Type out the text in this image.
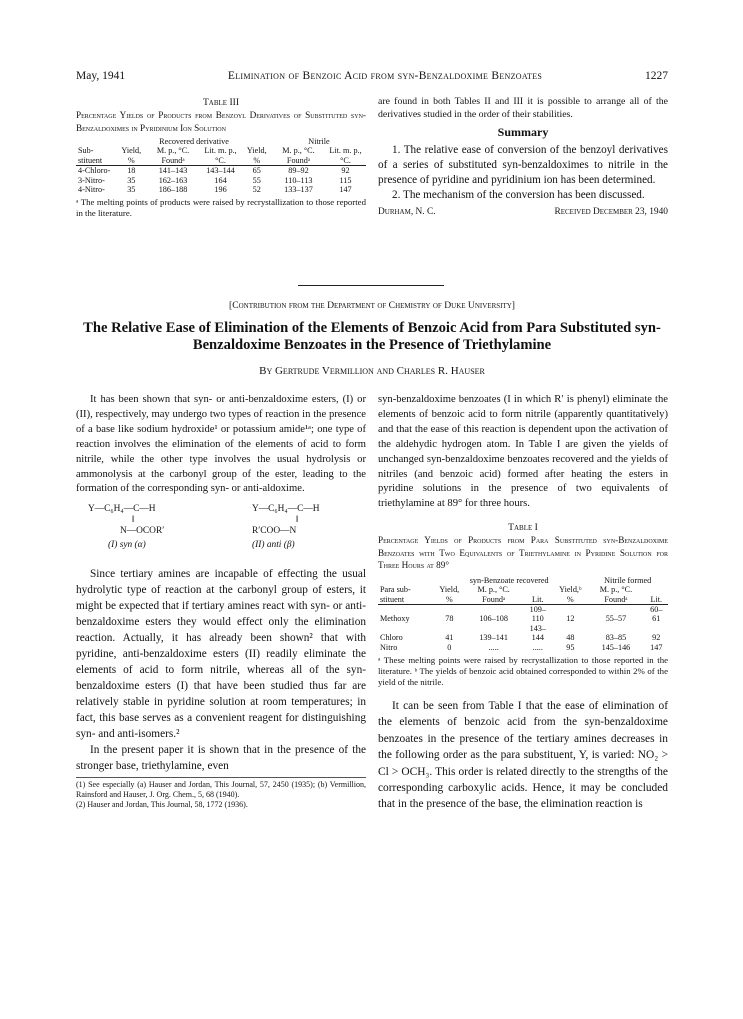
May, 1941	Elimination of Benzoic Acid from syn-Benzaldoxime Benzoates	1227
Table III
Percentage Yields of Products from Benzoyl Derivatives of Substituted syn-Benzaldoximes in Pyridinium Ion Solution
		Recovered derivative			Nitrile	
Sub-stituent	Yield, %	M. p., °C. Foundᵃ	Lit. m. p., °C.	Yield, %	M. p., °C. Foundᵃ	Lit. m. p., °C.
4-Chloro-	18	141–143	143–144	65	89–92	92
3-Nitro-	35	162–163	164	55	110–113	115
4-Nitro-	35	186–188	196	52	133–137	147
ᵃ The melting points of products were raised by recrystallization to those reported in the literature.

are found in both Tables II and III it is possible to arrange all of the derivatives studied in the order of their stabilities.

Summary

1. The relative ease of conversion of the benzoyl derivatives of a series of substituted syn-benzaldoximes to nitrile in the presence of pyridine and pyridinium ion has been determined.

2. The mechanism of the conversion has been discussed.

Durham, N. C.	Received December 23, 1940
[Contribution from the Department of Chemistry of Duke University]
The Relative Ease of Elimination of the Elements of Benzoic Acid from Para Substituted syn-Benzaldoxime Benzoates in the Presence of Triethylamine
By Gertrude Vermillion and Charles R. Hauser

It has been shown that syn- or anti-benzaldoxime esters, (I) or (II), respectively, may undergo two types of reaction in the presence of a base like sodium hydroxide¹ or potassium amide¹ᵃ; one type of reaction involves the elimination of the elements of acid to form nitrile, while the other type involves the usual hydrolysis or ammonolysis at the carbonyl group of the ester, leading to the formation of the corresponding syn- or anti-aldoxime.

Y—C₆H₄—C—H
‖
N—OCOR′
(I) syn (α)
Y—C₆H₄—C—H
‖
R′COO—N
(II) anti (β)

Since tertiary amines are incapable of effecting the usual hydrolytic type of reaction at the carbonyl group of esters, it might be expected that if tertiary amines react with syn- or anti-benzaldoxime esters they would effect only the elimination reaction. Actually, it has already been shown² that with pyridine, anti-benzaldoxime esters (II) readily eliminate the elements of acid to form nitrile, whereas all of the syn-benzaldoxime esters (I) that have been studied thus far are relatively stable in pyridine solution at room temperatures; in fact, this base serves as a convenient reagent for distinguishing syn- and anti-isomers.²

In the present paper it is shown that in the presence of the stronger base, triethylamine, even

(1) See especially (a) Hauser and Jordan, This Journal, 57, 2450 (1935); (b) Vermillion, Rainsford and Hauser, J. Org. Chem., 5, 68 (1940).

(2) Hauser and Jordan, This Journal, 58, 1772 (1936).

syn-benzaldoxime benzoates (I in which R′ is phenyl) eliminate the elements of benzoic acid to form nitrile (apparently quantitatively) and that the ease of this reaction is dependent upon the activation of the aldehydic hydrogen atom. In Table I are given the yields of unchanged syn-benzaldoxime benzoates recovered and the yields of nitriles (and benzoic acid) formed after heating the esters in pyridine solutions in the presence of two equivalents of triethylamine at 89° for three hours.

Table I
Percentage Yields of Products from Para Substituted syn-Benzaldoxime Benzoates with Two Equivalents of Triethylamine in Pyridine Solution for Three Hours at 89°
		syn-Benzoate recovered			Nitrile formed	
Para sub-stituent	Yield, %	M. p., °C. Foundᵃ	Lit.	Yield,ᵇ %	M. p., °C. Foundᵃ	Lit.
Methoxy	78	106–108	109–110	12	55–57	60–61
Chloro	41	139–141	143–144	48	83–85	92
Nitro	0	.....	.....	95	145–146	147
ᵃ These melting points were raised by recrystallization to those reported in the literature. ᵇ The yields of benzoic acid obtained corresponded to within 2% of the yield of the nitrile.

It can be seen from Table I that the ease of elimination of the elements of benzoic acid from the syn-benzaldoxime benzoates in the presence of the tertiary amines decreases in the following order as the para substituent, Y, is varied: NO₂ > Cl > OCH₃. This order is related directly to the strengths of the corresponding carboxylic acids. Hence, it may be concluded that in the presence of the base, the elimination reaction is
